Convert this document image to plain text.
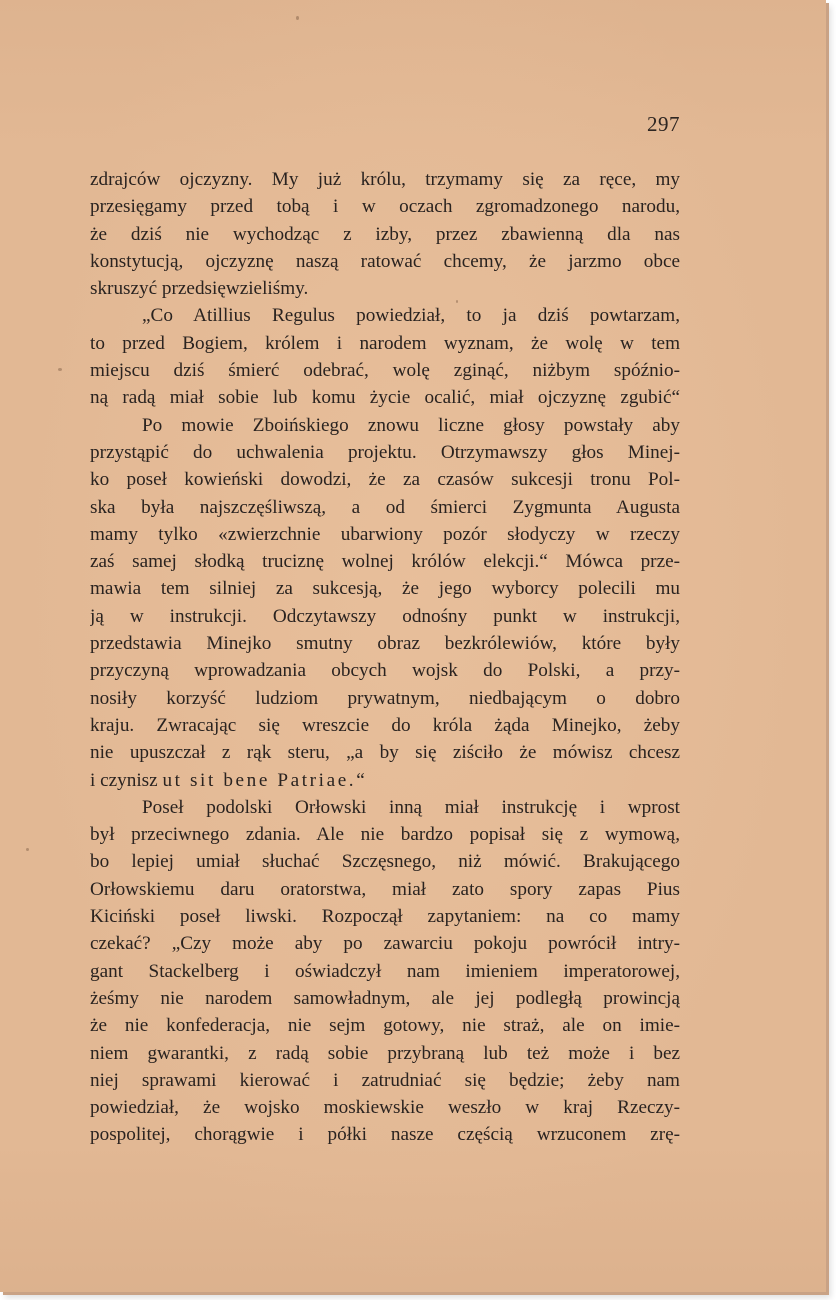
297
zdrajców ojczyzny. My już królu, trzymamy się za ręce, my
przesięgamy przed tobą i w oczach zgromadzonego narodu,
że dziś nie wychodząc z izby, przez zbawienną dla nas
konstytucją, ojczyznę naszą ratować chcemy, że jarzmo obce
skruszyć przedsięwzieliśmy.
„Co Atillius Regulus powiedział, to ja dziś powtarzam,
to przed Bogiem, królem i narodem wyznam, że wolę w tem
miejscu dziś śmierć odebrać, wolę zginąć, niżbym spóźnio-
ną radą miał sobie lub komu życie ocalić, miał ojczyznę zgubić“
Po mowie Zboińskiego znowu liczne głosy powstały aby
przystąpić do uchwalenia projektu. Otrzymawszy głos Minej-
ko poseł kowieński dowodzi, że za czasów sukcesji tronu Pol-
ska była najszczęśliwszą, a od śmierci Zygmunta Augusta
mamy tylko «zwierzchnie ubarwiony pozór słodyczy w rzeczy
zaś samej słodką truciznę wolnej królów elekcji.“ Mówca prze-
mawia tem silniej za sukcesją, że jego wyborcy polecili mu
ją w instrukcji. Odczytawszy odnośny punkt w instrukcji,
przedstawia Minejko smutny obraz bezkrólewiów, które były
przyczyną wprowadzania obcych wojsk do Polski, a przy-
nosiły korzyść ludziom prywatnym, niedbającym o dobro
kraju. Zwracając się wreszcie do króla żąda Minejko, żeby
nie upuszczał z rąk steru, „a by się ziściło że mówisz chcesz
i czynisz ut sit bene Patriae.“
Poseł podolski Orłowski inną miał instrukcję i wprost
był przeciwnego zdania. Ale nie bardzo popisał się z wymową,
bo lepiej umiał słuchać Szczęsnego, niż mówić. Brakującego
Orłowskiemu daru oratorstwa, miał zato spory zapas Pius
Kiciński poseł liwski. Rozpoczął zapytaniem: na co mamy
czekać? „Czy może aby po zawarciu pokoju powrócił intry-
gant Stackelberg i oświadczył nam imieniem imperatorowej,
żeśmy nie narodem samowładnym, ale jej podległą prowincją
że nie konfederacja, nie sejm gotowy, nie straż, ale on imie-
niem gwarantki, z radą sobie przybraną lub też może i bez
niej sprawami kierować i zatrudniać się będzie; żeby nam
powiedział, że wojsko moskiewskie weszło w kraj Rzeczy-
pospolitej, chorągwie i półki nasze częścią wrzuconem zrę-
